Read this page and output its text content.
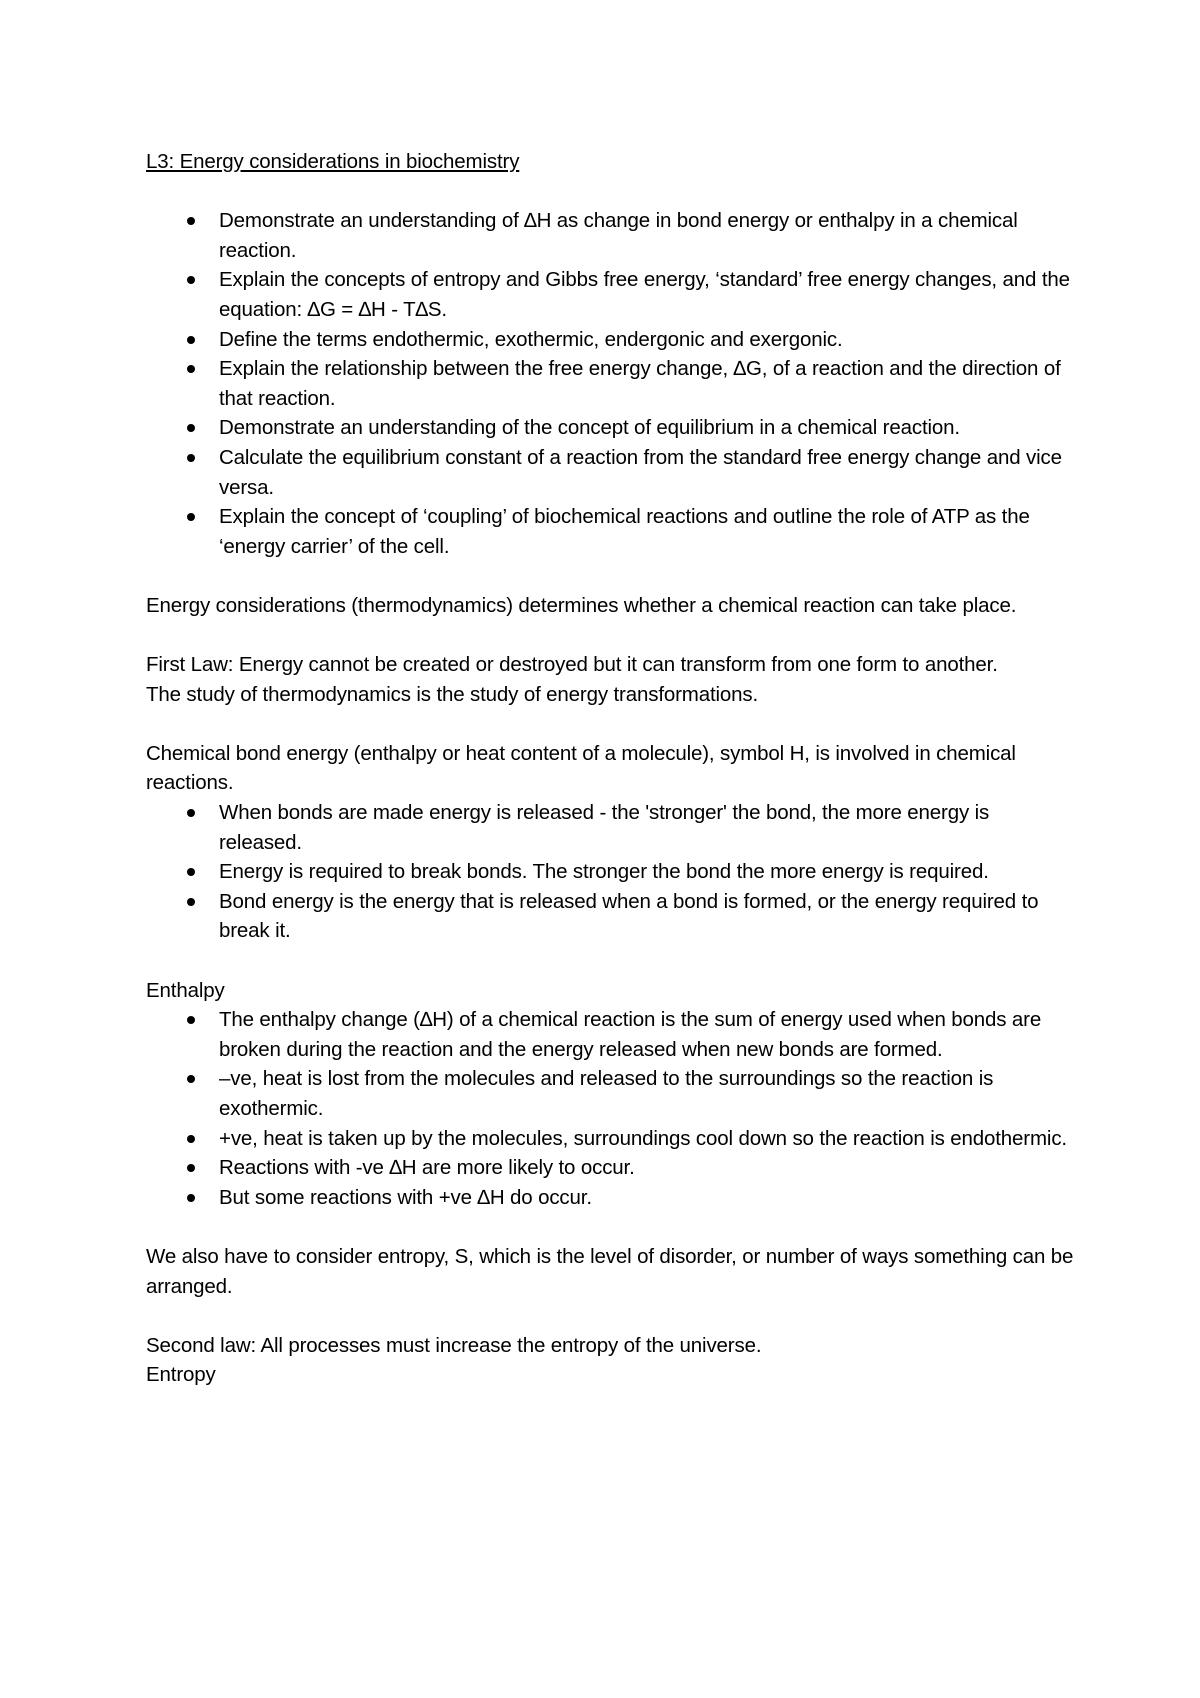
L3: Energy considerations in biochemistry
Demonstrate an understanding of ∆H as change in bond energy or enthalpy in a chemical reaction.
Explain the concepts of entropy and Gibbs free energy, ‘standard’ free energy changes, and the equation: ∆G = ∆H - T∆S.
Define the terms endothermic, exothermic, endergonic and exergonic.
Explain the relationship between the free energy change, ∆G, of a reaction and the direction of that reaction.
Demonstrate an understanding of the concept of equilibrium in a chemical reaction.
Calculate the equilibrium constant of a reaction from the standard free energy change and vice versa.
Explain the concept of ‘coupling’ of biochemical reactions and outline the role of ATP as the ‘energy carrier’ of the cell.

Energy considerations (thermodynamics) determines whether a chemical reaction can take place.

First Law: Energy cannot be created or destroyed but it can transform from one form to another.

The study of thermodynamics is the study of energy transformations.

Chemical bond energy (enthalpy or heat content of a molecule), symbol H, is involved in chemical reactions.

When bonds are made energy is released - the 'stronger' the bond, the more energy is released.
Energy is required to break bonds. The stronger the bond the more energy is required.
Bond energy is the energy that is released when a bond is formed, or the energy required to break it.

Enthalpy

The enthalpy change (∆H) of a chemical reaction is the sum of energy used when bonds are broken during the reaction and the energy released when new bonds are formed.
–ve, heat is lost from the molecules and released to the surroundings so the reaction is exothermic.
+ve, heat is taken up by the molecules, surroundings cool down so the reaction is endothermic.
Reactions with -ve ∆H are more likely to occur.
But some reactions with +ve ∆H do occur.

We also have to consider entropy, S, which is the level of disorder, or number of ways something can be arranged.

Second law: All processes must increase the entropy of the universe.

Entropy
